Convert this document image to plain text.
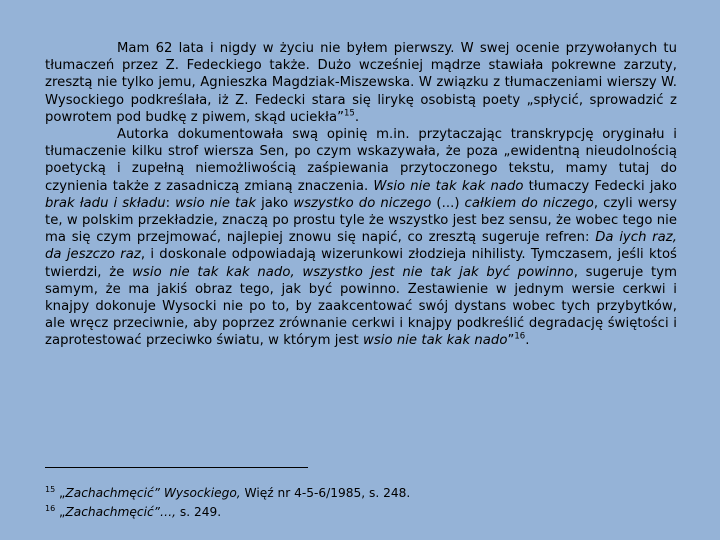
Mam 62 lata i nigdy w życiu nie byłem pierwszy. W swej ocenie przywołanych tu tłumaczeń przez Z. Fedeckiego także. Dużo wcześniej mądrze stawiała pokrewne zarzuty, zresztą nie tylko jemu, Agnieszka Magdziak-Miszewska. W związku z tłumaczeniami wierszy W. Wysockiego podkreślała, iż Z. Fedecki stara się lirykę osobistą poety „spłycić, sprowadzić z powrotem pod budkę z piwem, skąd uciekła”$^{15}$.

Autorka dokumentowała swą opinię m.in. przytaczając transkrypcję oryginału i tłumaczenie kilku strof wiersza Sen, po czym wskazywała, że poza „ewidentną nieudolnością poetycką i zupełną niemożliwością zaśpiewania przytoczonego tekstu, mamy tutaj do czynienia także z zasadniczą zmianą znaczenia. Wsio nie tak kak nado tłumaczy Fedecki jako brak ładu i składu: wsio nie tak jako wszystko do niczego (...) całkiem do niczego, czyli wersy te, w polskim przekładzie, znaczą po prostu tyle że wszystko jest bez sensu, że wobec tego nie ma się czym przejmować, najlepiej znowu się napić, co zresztą sugeruje refren: Da iych raz, da jeszczo raz, i doskonale odpowiadają wizerunkowi złodzieja nihilisty. Tymczasem, jeśli ktoś twierdzi, że wsio nie tak kak nado, wszystko jest nie tak jak być powinno, sugeruje tym samym, że ma jakiś obraz tego, jak być powinno. Zestawienie w jednym wersie cerkwi i knajpy dokonuje Wysocki nie po to, by zaakcentować swój dystans wobec tych przybytków, ale wręcz przeciwnie, aby poprzez zrównanie cerkwi i knajpy podkreślić degradację świętości i zaprotestować przeciwko światu, w którym jest wsio nie tak kak nado”$^{16}$.

$^{15}$ „Zachachmęcić” Wysockiego, Więź nr 4-5-6/1985, s. 248.

$^{16}$ „Zachachmęcić”…, s. 249.
